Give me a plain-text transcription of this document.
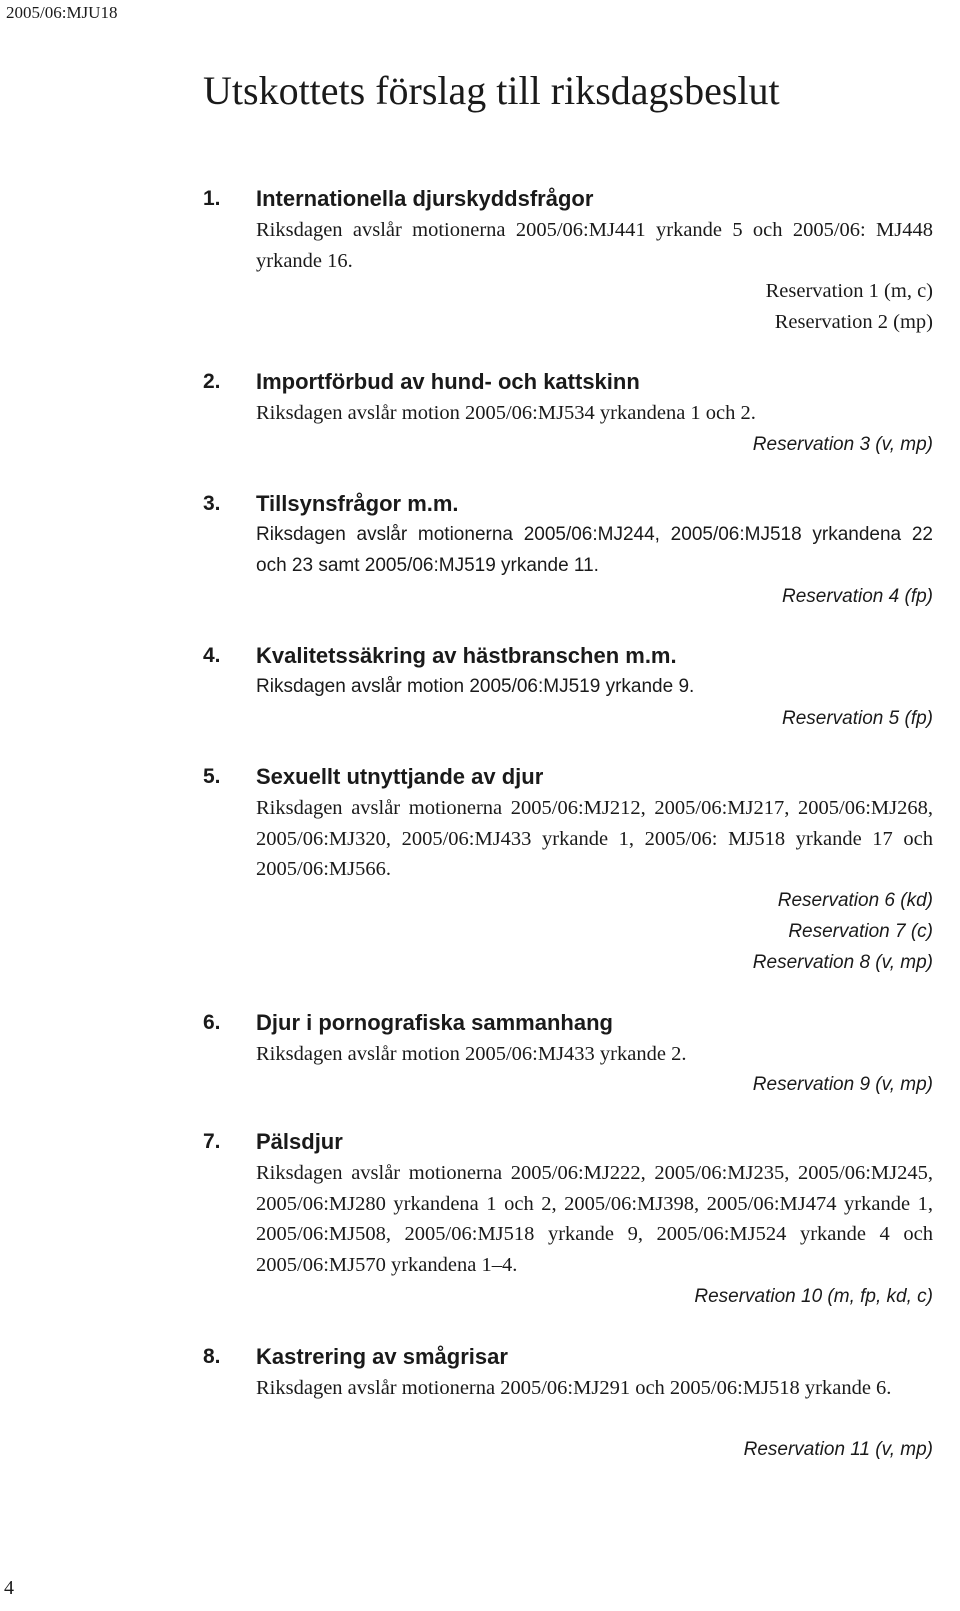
2005/06:MJU18
Utskottets förslag till riksdagsbeslut
1. Internationella djurskyddsfrågor
Riksdagen avslår motionerna 2005/06:MJ441 yrkande 5 och 2005/06: MJ448 yrkande 16.
Reservation 1 (m, c)
Reservation 2 (mp)
2. Importförbud av hund- och kattskinn
Riksdagen avslår motion 2005/06:MJ534 yrkandena 1 och 2.
Reservation 3 (v, mp)
3. Tillsynsfrågor m.m.
Riksdagen avslår motionerna 2005/06:MJ244, 2005/06:MJ518 yrkandena 22 och 23 samt 2005/06:MJ519 yrkande 11.
Reservation 4 (fp)
4. Kvalitetssäkring av hästbranschen m.m.
Riksdagen avslår motion 2005/06:MJ519 yrkande 9.
Reservation 5 (fp)
5. Sexuellt utnyttjande av djur
Riksdagen avslår motionerna 2005/06:MJ212, 2005/06:MJ217, 2005/06:MJ268, 2005/06:MJ320, 2005/06:MJ433 yrkande 1, 2005/06: MJ518 yrkande 17 och 2005/06:MJ566.
Reservation 6 (kd)
Reservation 7 (c)
Reservation 8 (v, mp)
6. Djur i pornografiska sammanhang
Riksdagen avslår motion 2005/06:MJ433 yrkande 2.
Reservation 9 (v, mp)
7. Pälsdjur
Riksdagen avslår motionerna 2005/06:MJ222, 2005/06:MJ235, 2005/06:MJ245, 2005/06:MJ280 yrkandena 1 och 2, 2005/06:MJ398, 2005/06:MJ474 yrkande 1, 2005/06:MJ508, 2005/06:MJ518 yrkande 9, 2005/06:MJ524 yrkande 4 och 2005/06:MJ570 yrkandena 1–4.
Reservation 10 (m, fp, kd, c)
8. Kastrering av smågrisar
Riksdagen avslår motionerna 2005/06:MJ291 och 2005/06:MJ518 yrkande 6.
Reservation 11 (v, mp)
4
